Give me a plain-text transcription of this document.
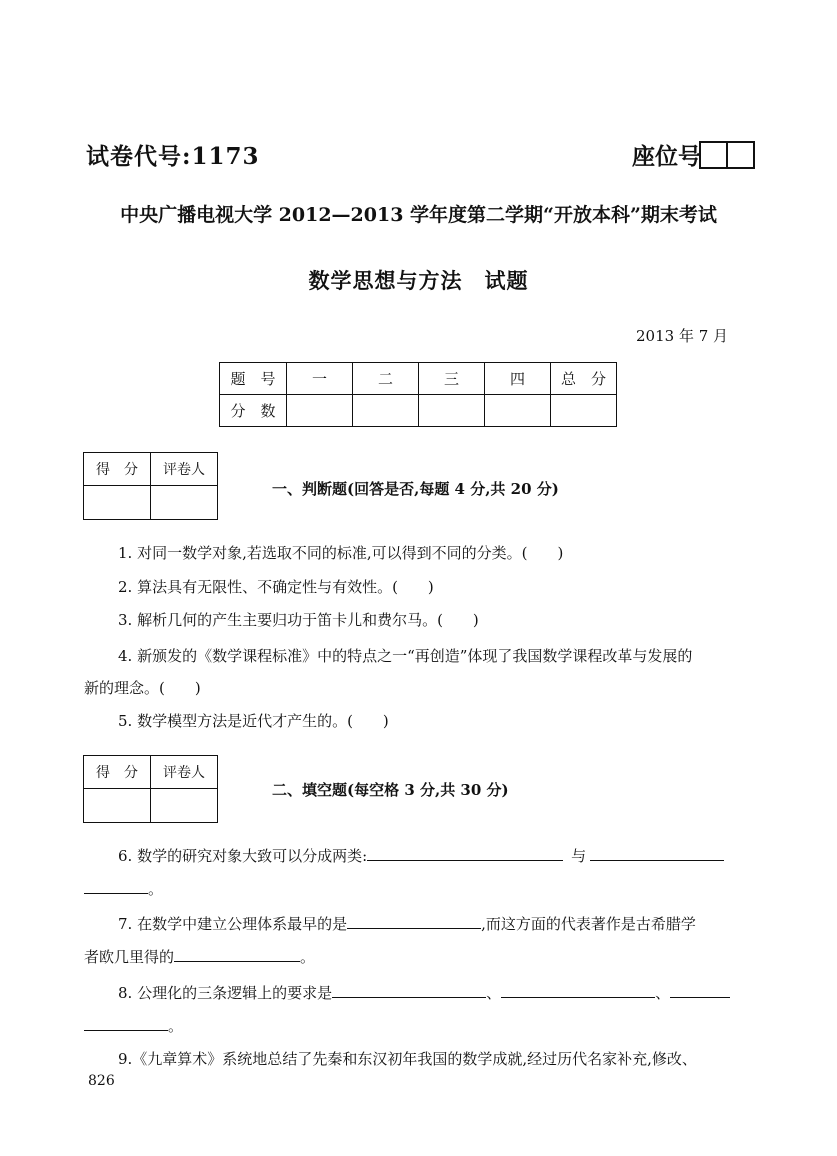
试卷代号:1173	座位号
中央广播电视大学 2012—2013 学年度第二学期“开放本科”期末考试
数学思想与方法　试题
2013 年 7 月
题　号	一	二	三	四	总　分
分　数					
得　分	评卷人

一、判断题(回答是否,每题 4 分,共 20 分)
1. 对同一数学对象,若选取不同的标准,可以得到不同的分类。(　　)
2. 算法具有无限性、不确定性与有效性。(　　)
3. 解析几何的产生主要归功于笛卡儿和费尔马。(　　)
4. 新颁发的《数学课程标准》中的特点之一“再创造”体现了我国数学课程改革与发展的
新的理念。(　　)
5. 数学模型方法是近代才产生的。(　　)
得　分	评卷人

二、填空题(每空格 3 分,共 30 分)
6. 数学的研究对象大致可以分成两类:	与
。
7. 在数学中建立公理体系最早的是	,而这方面的代表著作是古希腊学
者欧几里得的	。
8. 公理化的三条逻辑上的要求是	、	、
。
9.《九章算术》系统地总结了先秦和东汉初年我国的数学成就,经过历代名家补充,修改、
826
